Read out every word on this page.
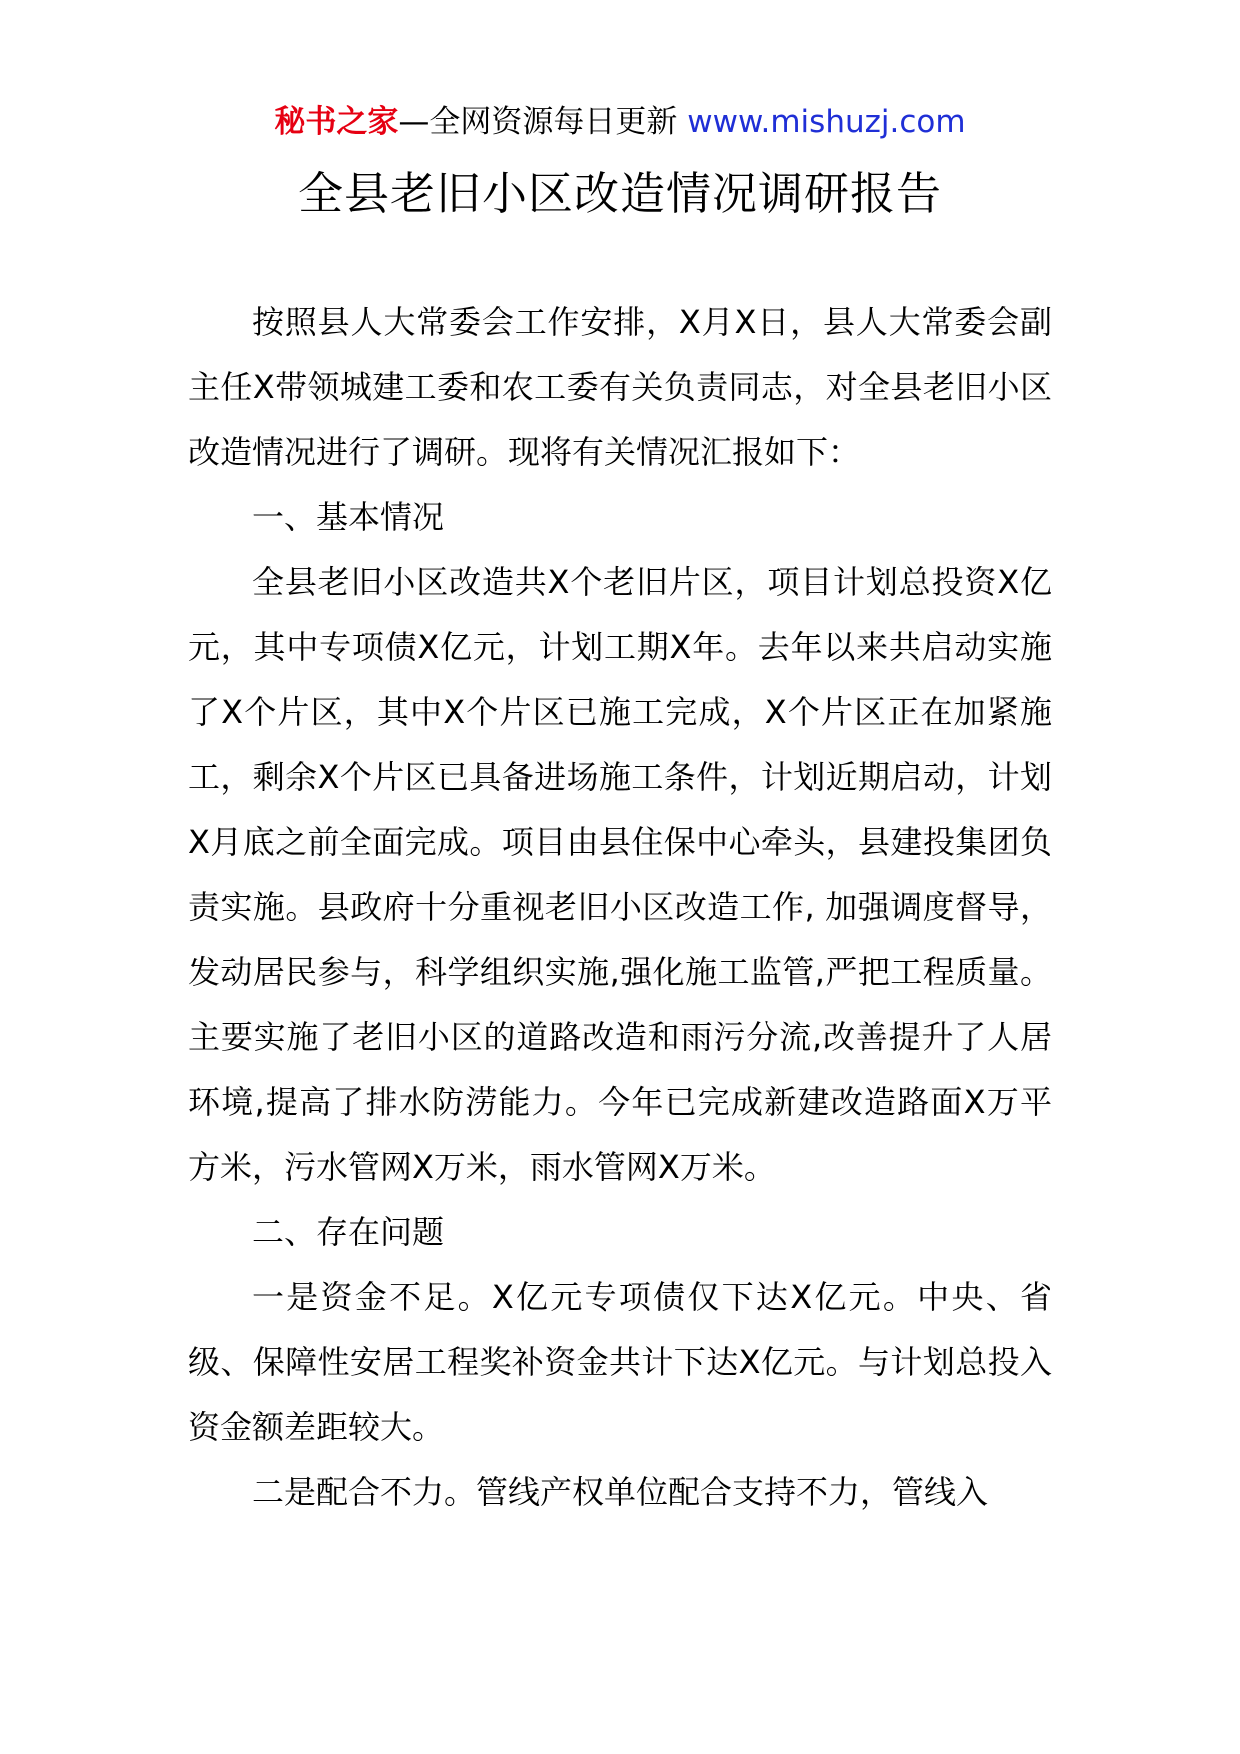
秘书之家—全网资源每日更新 www.mishuzj.com
全县老旧小区改造情况调研报告

按照县人大常委会工作安排，X月X日，县人大常委会副主任X带领城建工委和农工委有关负责同志，对全县老旧小区改造情况进行了调研。现将有关情况汇报如下：

一、基本情况

全县老旧小区改造共X个老旧片区，项目计划总投资X亿元，其中专项债X亿元，计划工期X年。去年以来共启动实施了X个片区，其中X个片区已施工完成，X个片区正在加紧施工，剩余X个片区已具备进场施工条件，计划近期启动，计划X月底之前全面完成。项目由县住保中心牵头，县建投集团负责实施。县政府十分重视老旧小区改造工作, 加强调度督导，发动居民参与，科学组织实施,强化施工监管,严把工程质量。主要实施了老旧小区的道路改造和雨污分流,改善提升了人居环境,提高了排水防涝能力。今年已完成新建改造路面X万平方米，污水管网X万米，雨水管网X万米。

二、存在问题

一是资金不足。X亿元专项债仅下达X亿元。中央、省级、保障性安居工程奖补资金共计下达X亿元。与计划总投入资金额差距较大。

二是配合不力。管线产权单位配合支持不力，管线入
